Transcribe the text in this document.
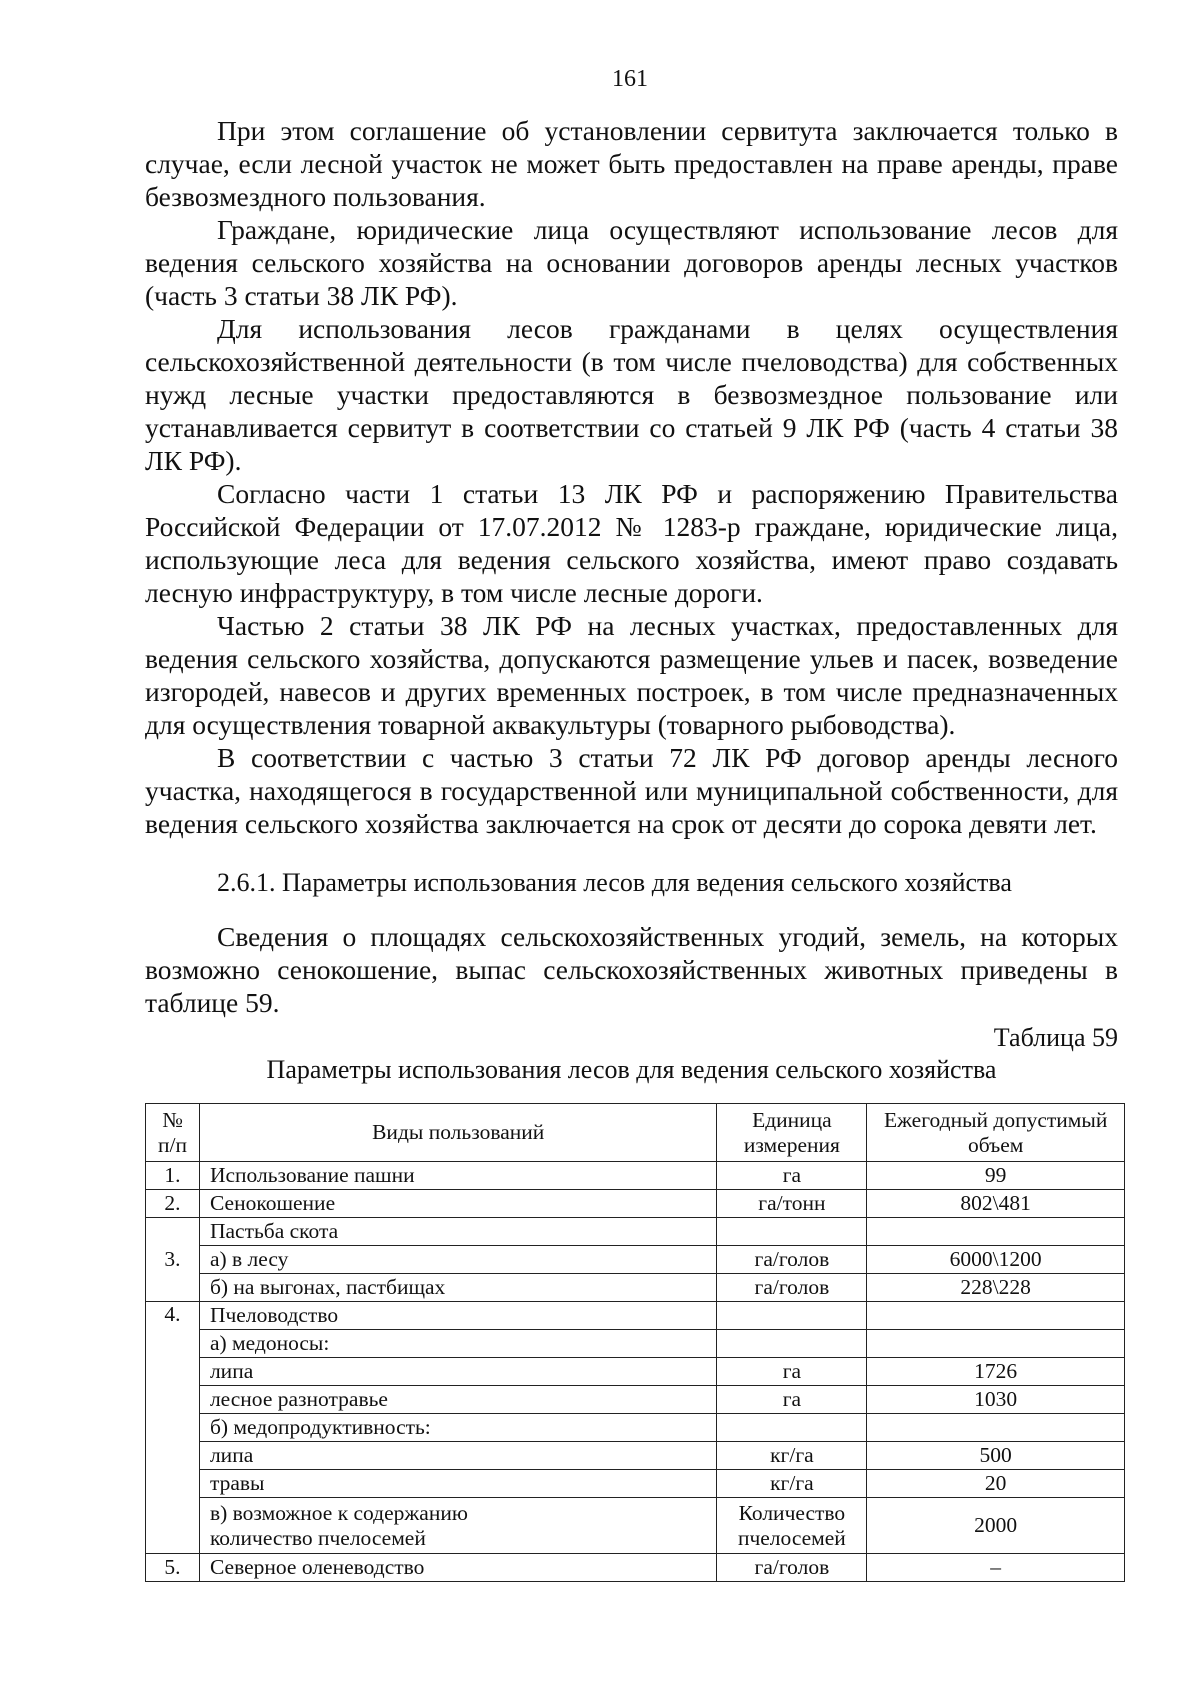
161

При этом соглашение об установлении сервитута заключается только в случае, если лесной участок не может быть предоставлен на праве аренды, праве безвозмездного пользования.

Граждане, юридические лица осуществляют использование лесов для ведения сельского хозяйства на основании договоров аренды лесных участков (часть 3 статьи 38 ЛК РФ).

Для использования лесов гражданами в целях осуществления сельскохозяйственной деятельности (в том числе пчеловодства) для собственных нужд лесные участки предоставляются в безвозмездное пользование или устанавливается сервитут в соответствии со статьей 9 ЛК РФ (часть 4 статьи 38 ЛК РФ).

Согласно части 1 статьи 13 ЛК РФ и распоряжению Правительства Российской Федерации от 17.07.2012 № 1283-р граждане, юридические лица, использующие леса для ведения сельского хозяйства, имеют право создавать лесную инфраструктуру, в том числе лесные дороги.

Частью 2 статьи 38 ЛК РФ на лесных участках, предоставленных для ведения сельского хозяйства, допускаются размещение ульев и пасек, возведение изгородей, навесов и других временных построек, в том числе предназначенных для осуществления товарной аквакультуры (товарного рыбоводства).

В соответствии с частью 3 статьи 72 ЛК РФ договор аренды лесного участка, находящегося в государственной или муниципальной собственности, для ведения сельского хозяйства заключается на срок от десяти до сорока девяти лет.

2.6.1. Параметры использования лесов для ведения сельского хозяйства

Сведения о площадях сельскохозяйственных угодий, земель, на которых возможно сенокошение, выпас сельскохозяйственных животных приведены в таблице 59.

Таблица 59
Параметры использования лесов для ведения сельского хозяйства
№ п/п	Виды пользований	Единица измерения	Ежегодный допустимый объем
1.	Использование пашни	га	99
2.	Сенокошение	га/тонн	802\481
3.	Пастьба скота		
	а) в лесу	га/голов	6000\1200
	б) на выгонах, пастбищах	га/голов	228\228
4.	Пчеловодство		
	а) медоносы:		
	липа	га	1726
	лесное разнотравье	га	1030
	б) медопродуктивность:		
	липа	кг/га	500
	травы	кг/га	20
	в) возможное к содержанию количество пчелосемей	Количество пчелосемей	2000
5.	Северное оленеводство	га/голов	–
